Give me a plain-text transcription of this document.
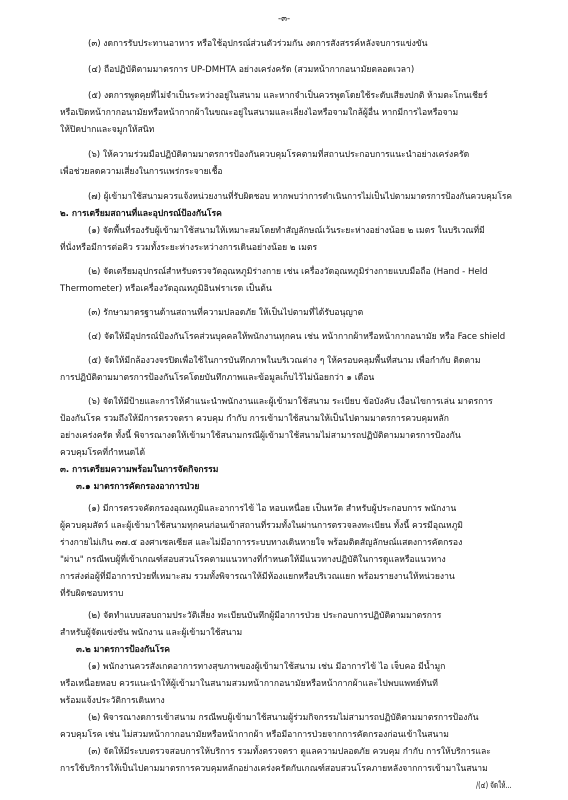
-๓-
(๓) งดการรับประทานอาหาร หรือใช้อุปกรณ์ส่วนตัวร่วมกัน งดการสังสรรค์หลังจบการแข่งขัน
(๔) ถือปฏิบัติตามมาตรการ UP-DMHTA อย่างเคร่งครัด (สวมหน้ากากอนามัยตลอดเวลา)
(๕) งดการพูดคุยที่ไม่จำเป็นระหว่างอยู่ในสนาม และหากจำเป็นควรพูดโดยใช้ระดับเสียงปกติ ห้ามตะโกนเชียร์
หรือเปิดหน้ากากอนามัยหรือหน้ากากผ้าในขณะอยู่ในสนามและเลี่ยงไอหรือจามใกล้ผู้อื่น หากมีการไอหรือจาม
ให้ปิดปากและจมูกให้สนิท
(๖) ให้ความร่วมมือปฏิบัติตามมาตรการป้องกันควบคุมโรคตามที่สถานประกอบการแนะนำอย่างเคร่งครัด
เพื่อช่วยลดความเสี่ยงในการแพร่กระจายเชื้อ
(๗) ผู้เข้ามาใช้สนามควรแจ้งหน่วยงานที่รับผิดชอบ หากพบว่าการดำเนินการไม่เป็นไปตามมาตรการป้องกันควบคุมโรค
๒. การเตรียมสถานที่และอุปกรณ์ป้องกันโรค
(๑) จัดพื้นที่รองรับผู้เข้ามาใช้สนามให้เหมาะสมโดยทำสัญลักษณ์เว้นระยะห่างอย่างน้อย ๒ เมตร ในบริเวณที่มี
ที่นั่งหรือมีการต่อคิว รวมทั้งระยะห่างระหว่างการเดินอย่างน้อย ๒ เมตร
(๒) จัดเตรียมอุปกรณ์สำหรับตรวจวัดอุณหภูมิร่างกาย เช่น เครื่องวัดอุณหภูมิร่างกายแบบมือถือ (Hand - Held
Thermometer) หรือเครื่องวัดอุณหภูมิอินฟราเรด เป็นต้น
(๓) รักษามาตรฐานด้านสถานที่ความปลอดภัย ให้เป็นไปตามที่ได้รับอนุญาต
(๔) จัดให้มีอุปกรณ์ป้องกันโรคส่วนบุคคลให้พนักงานทุกคน เช่น หน้ากากผ้าหรือหน้ากากอนามัย หรือ Face shield
(๕) จัดให้มีกล้องวงจรปิดเพื่อใช้ในการบันทึกภาพในบริเวณต่าง ๆ ให้ครอบคลุมพื้นที่สนาม เพื่อกำกับ ติดตาม
การปฏิบัติตามมาตรการป้องกันโรคโดยบันทึกภาพและข้อมูลเก็บไว้ไม่น้อยกว่า ๑ เดือน
(๖) จัดให้มีป้ายและการให้คำแนะนำพนักงานและผู้เข้ามาใช้สนาม ระเบียบ ข้อบังคับ เงื่อนไขการเล่น มาตรการ
ป้องกันโรค รวมถึงให้มีการตรวจตรา ควบคุม กำกับ การเข้ามาใช้สนามให้เป็นไปตามมาตรการควบคุมหลัก
อย่างเคร่งครัด ทั้งนี้ พิจารณางดให้เข้ามาใช้สนามกรณีผู้เข้ามาใช้สนามไม่สามารถปฏิบัติตามมาตรการป้องกัน
ควบคุมโรคที่กำหนดได้
๓. การเตรียมความพร้อมในการจัดกิจกรรม
๓.๑ มาตรการคัดกรองอาการป่วย
(๑) มีการตรวจคัดกรองอุณหภูมิและอาการไข้ ไอ หอบเหนื่อย เป็นหวัด สำหรับผู้ประกอบการ พนักงาน
ผู้ควบคุมสัตว์ และผู้เข้ามาใช้สนามทุกคนก่อนเข้าสถานที่รวมทั้งในผ่านการตรวจลงทะเบียน ทั้งนี้ ควรมีอุณหภูมิ
ร่างกายไม่เกิน ๓๗.๕ องศาเซลเซียส และไม่มีอาการระบบทางเดินหายใจ พร้อมติดสัญลักษณ์แสดงการคัดกรอง
"ผ่าน" กรณีพบผู้ที่เข้าเกณฑ์สอบสวนโรคตามแนวทางที่กำหนดให้มีแนวทางปฏิบัติในการดูแลหรือแนวทาง
การส่งต่อผู้ที่มีอาการป่วยที่เหมาะสม รวมทั้งพิจารณาให้มีห้องแยกหรือบริเวณแยก พร้อมรายงานให้หน่วยงาน
ที่รับผิดชอบทราบ
(๒) จัดทำแบบสอบถามประวัติเสี่ยง ทะเบียนบันทึกผู้มีอาการป่วย ประกอบการปฏิบัติตามมาตรการ
สำหรับผู้จัดแข่งขัน พนักงาน และผู้เข้ามาใช้สนาม
๓.๒ มาตรการป้องกันโรค
(๑) พนักงานควรสังเกตอาการทางสุขภาพของผู้เข้ามาใช้สนาม เช่น มีอาการไข้ ไอ เจ็บคอ มีน้ำมูก
หรือเหนื่อยหอบ ควรแนะนำให้ผู้เข้ามาในสนามสวมหน้ากากอนามัยหรือหน้ากากผ้าและไปพบแพทย์ทันที
พร้อมแจ้งประวัติการเดินทาง
(๒) พิจารณางดการเข้าสนาม กรณีพบผู้เข้ามาใช้สนามผู้ร่วมกิจกรรมไม่สามารถปฏิบัติตามมาตรการป้องกัน
ควบคุมโรค เช่น ไม่สวมหน้ากากอนามัยหรือหน้ากากผ้า หรือมีอาการป่วยจากการคัดกรองก่อนเข้าในสนาม
(๓) จัดให้มีระบบตรวจสอบการให้บริการ รวมทั้งตรวจตรา ดูแลความปลอดภัย ควบคุม กำกับ การให้บริการและ
การใช้บริการให้เป็นไปตามมาตรการควบคุมหลักอย่างเคร่งครัดกับเกณฑ์สอบสวนโรคภายหลังจากการเข้ามาในสนาม
/(๔) จัดให้...
